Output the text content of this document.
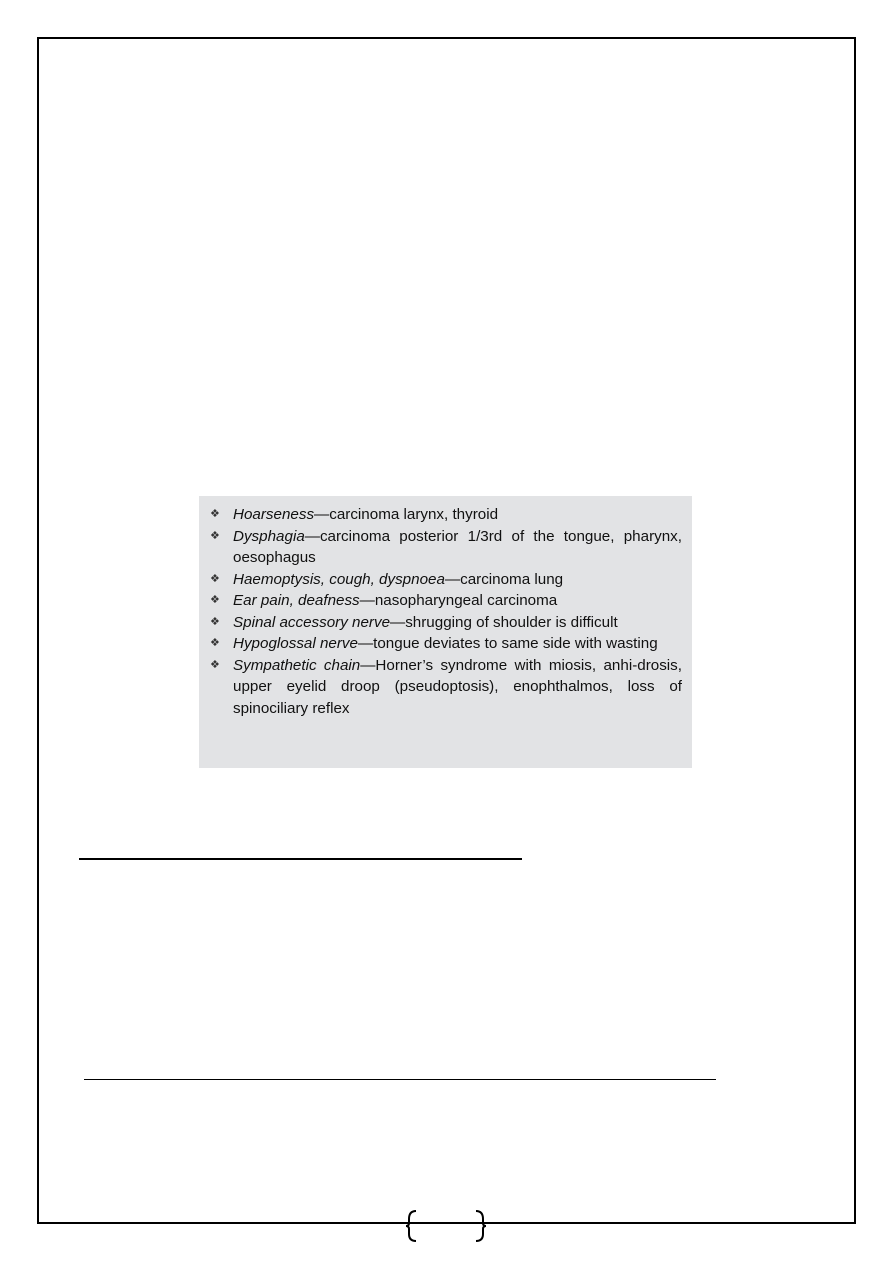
❖ Hoarseness—carcinoma larynx, thyroid
❖ Dysphagia—carcinoma posterior 1/3rd of the tongue, pharynx, oesophagus
❖ Haemoptysis, cough, dyspnoea—carcinoma lung
❖ Ear pain, deafness—nasopharyngeal carcinoma
❖ Spinal accessory nerve—shrugging of shoulder is difficult
❖ Hypoglossal nerve—tongue deviates to same side with wasting
❖ Sympathetic chain—Horner’s syndrome with miosis, anhi-drosis, upper eyelid droop (pseudoptosis), enophthalmos, loss of spinociliary reflex
